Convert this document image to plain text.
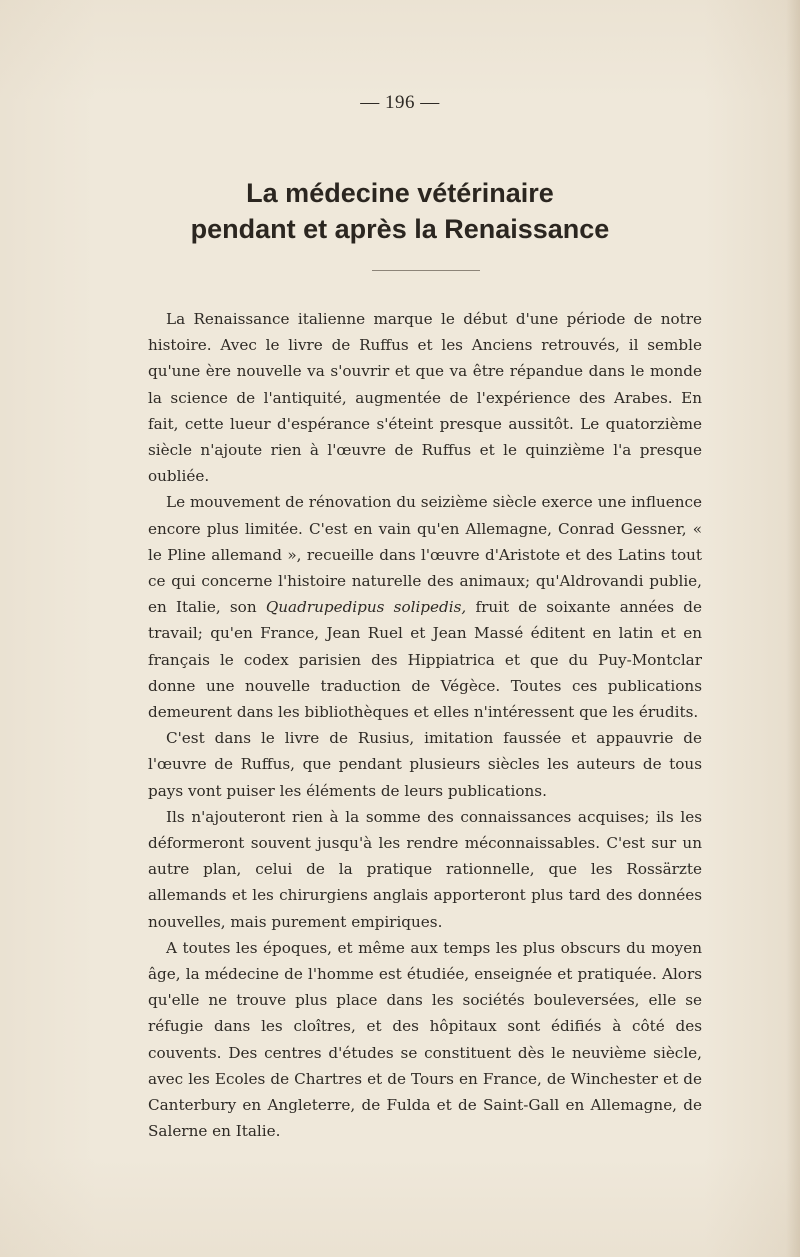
— 196 —
La médecine vétérinaire
pendant et après la Renaissance

La Renaissance italienne marque le début d'une période de notre histoire. Avec le livre de Ruffus et les Anciens retrouvés, il semble qu'une ère nouvelle va s'ouvrir et que va être répandue dans le monde la science de l'antiquité, augmentée de l'expérience des Arabes. En fait, cette lueur d'espérance s'éteint presque aussitôt. Le quatorzième siècle n'ajoute rien à l'œuvre de Ruffus et le quinzième l'a presque oubliée.

Le mouvement de rénovation du seizième siècle exerce une influence encore plus limitée. C'est en vain qu'en Allemagne, Conrad Gessner, « le Pline allemand », recueille dans l'œuvre d'Aristote et des Latins tout ce qui concerne l'histoire naturelle des animaux; qu'Aldrovandi publie, en Italie, son Quadrupedipus solipedis, fruit de soixante années de travail; qu'en France, Jean Ruel et Jean Massé éditent en latin et en français le codex parisien des Hippiatrica et que du Puy-Montclar donne une nouvelle traduction de Végèce. Toutes ces publications demeurent dans les bibliothèques et elles n'intéressent que les érudits.

C'est dans le livre de Rusius, imitation faussée et appauvrie de l'œuvre de Ruffus, que pendant plusieurs siècles les auteurs de tous pays vont puiser les éléments de leurs publications.

Ils n'ajouteront rien à la somme des connaissances acquises; ils les déformeront souvent jusqu'à les rendre méconnaissables. C'est sur un autre plan, celui de la pratique rationnelle, que les Rossärzte allemands et les chirurgiens anglais apporteront plus tard des données nouvelles, mais purement empiriques.

A toutes les époques, et même aux temps les plus obscurs du moyen âge, la médecine de l'homme est étudiée, enseignée et pratiquée. Alors qu'elle ne trouve plus place dans les sociétés bouleversées, elle se réfugie dans les cloîtres, et des hôpitaux sont édifiés à côté des couvents. Des centres d'études se constituent dès le neuvième siècle, avec les Ecoles de Chartres et de Tours en France, de Winchester et de Canterbury en Angleterre, de Fulda et de Saint-Gall en Allemagne, de Salerne en Italie.
